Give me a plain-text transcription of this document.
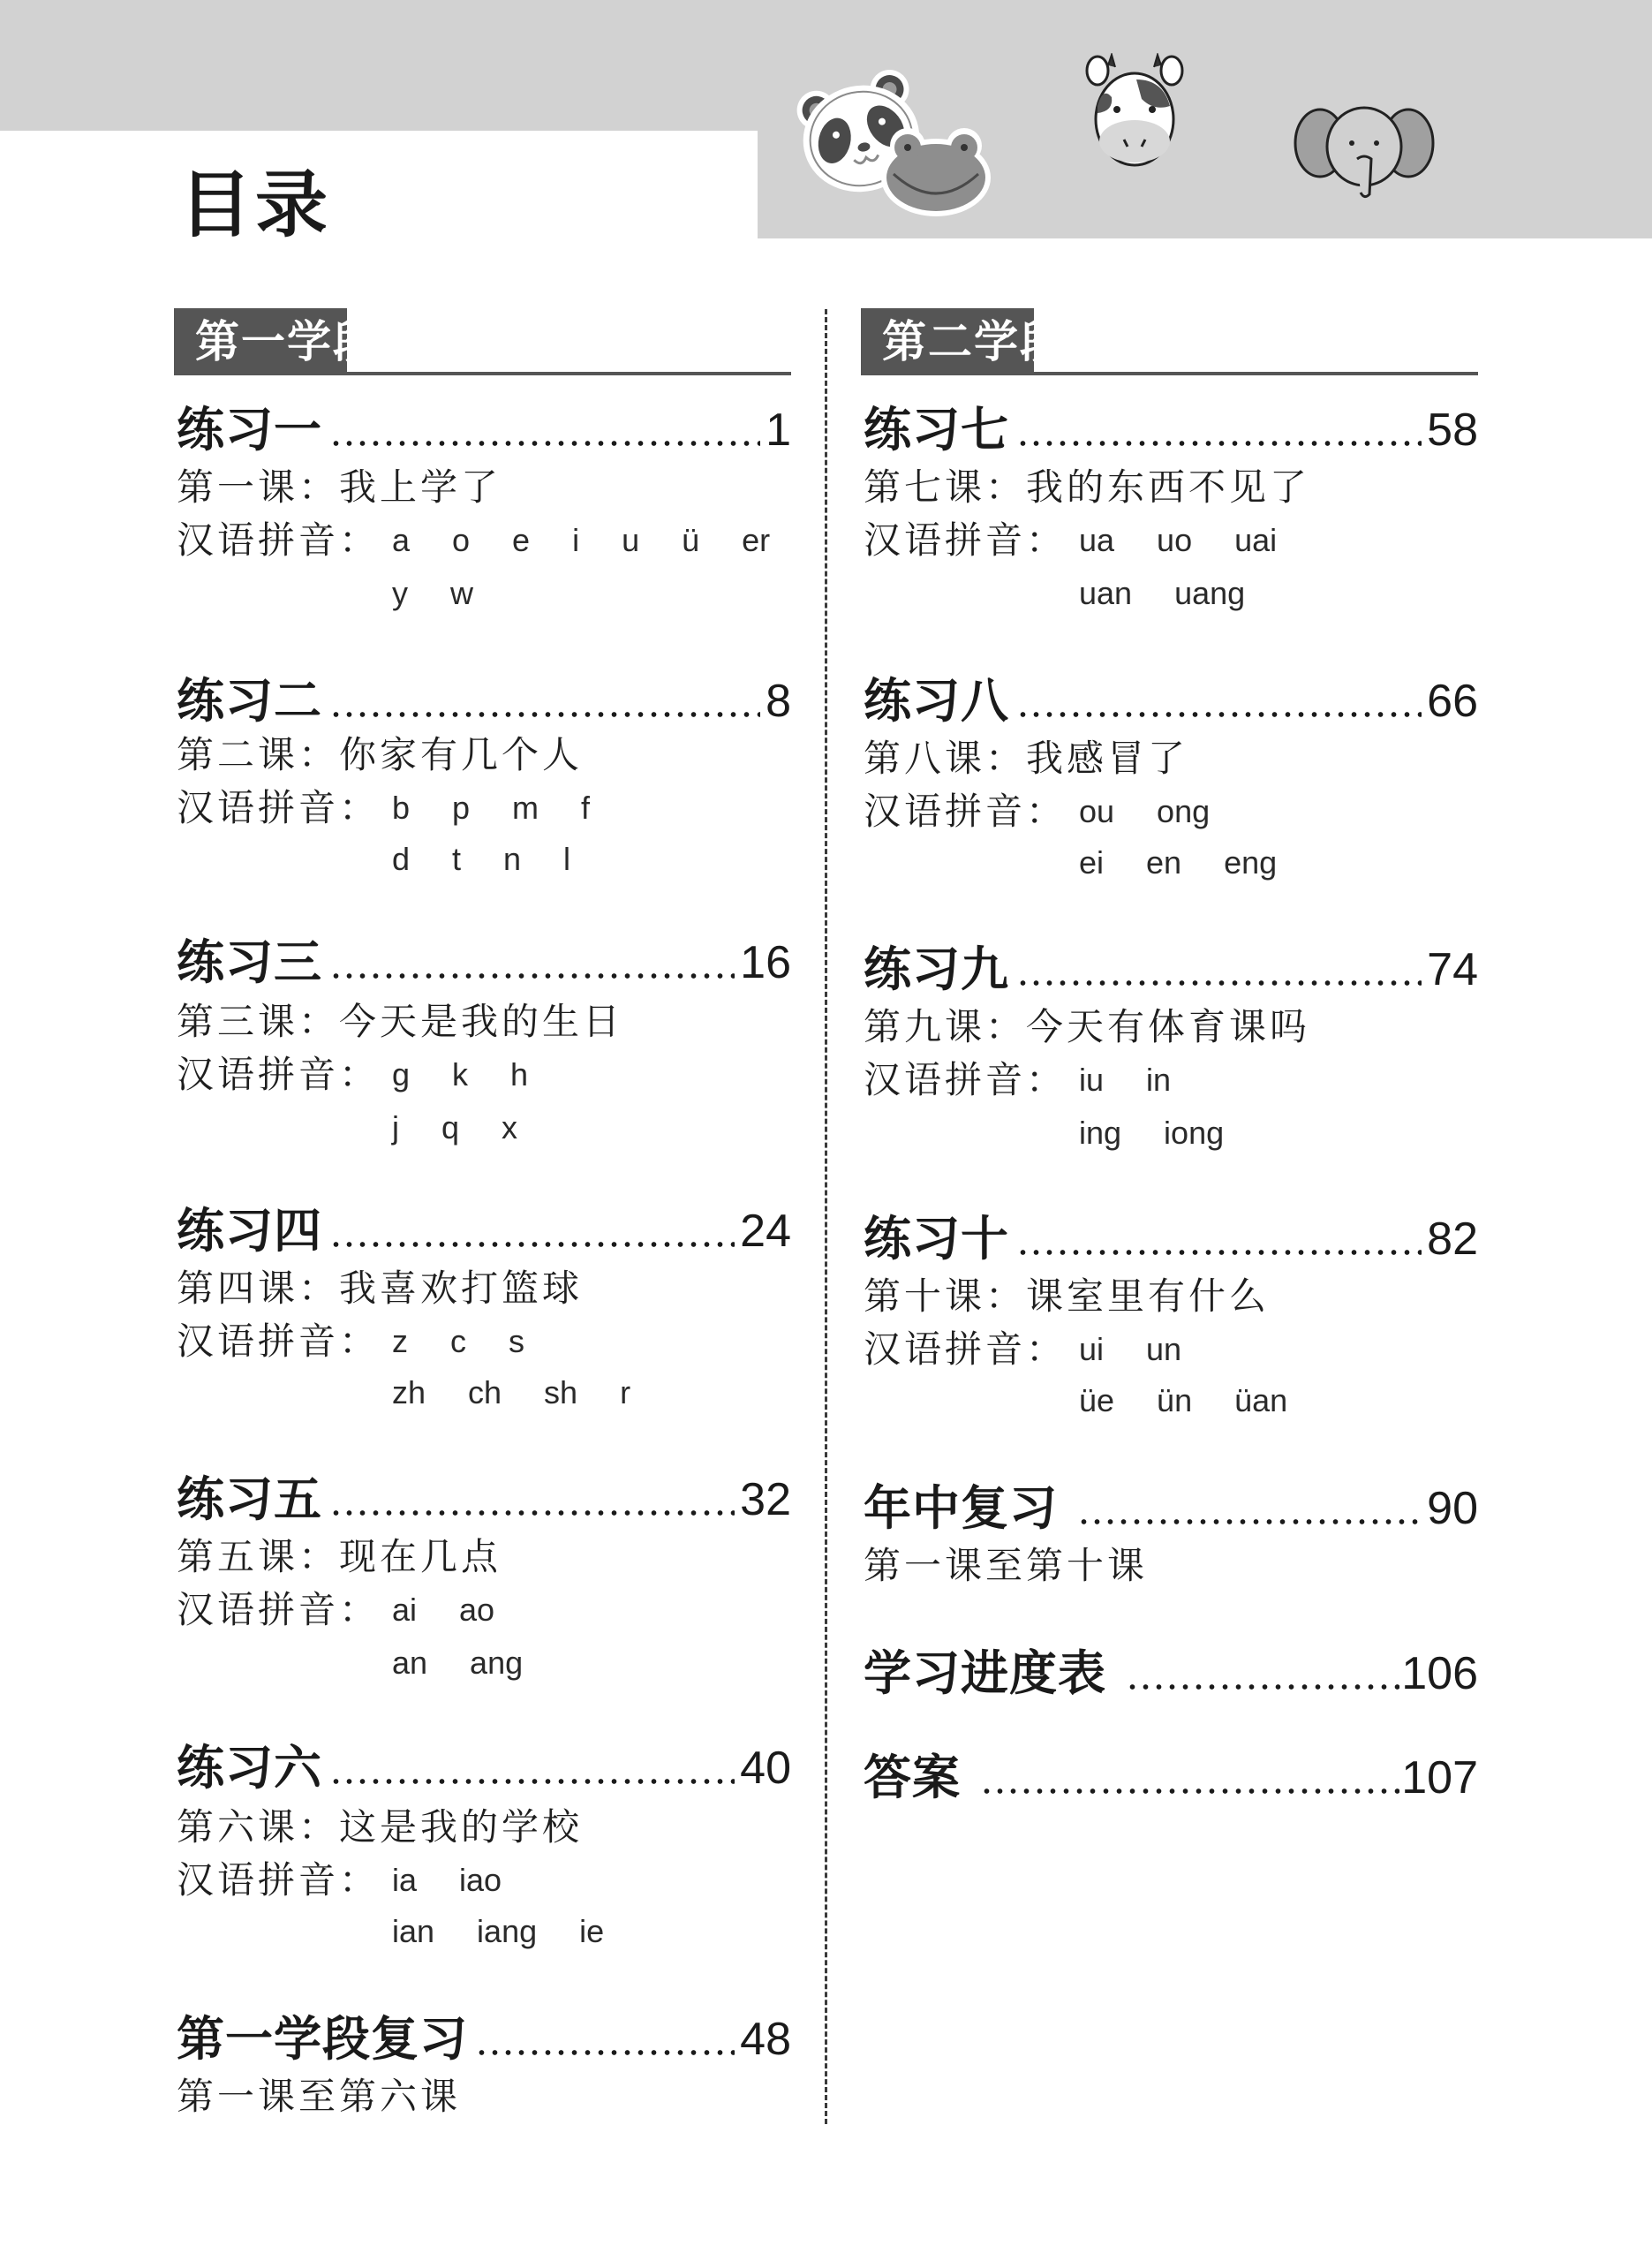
目录
第一学段
练习一	1
第一课：我上学了
汉语拼音： a  o  e  i  u  ü  er
y  w
练习二	8
第二课：你家有几个人
汉语拼音： b  p  m  f
d  t  n  l
练习三	16
第三课：今天是我的生日
汉语拼音： g  k  h
j  q  x
练习四	24
第四课：我喜欢打篮球
汉语拼音： z  c  s
zh  ch  sh  r
练习五	32
第五课：现在几点
汉语拼音： ai  ao
an  ang
练习六	40
第六课：这是我的学校
汉语拼音： ia  iao
ian  iang  ie
第一学段复习	48
第一课至第六课
第二学段
练习七	58
第七课：我的东西不见了
汉语拼音： ua  uo  uai
uan  uang
练习八	66
第八课：我感冒了
汉语拼音： ou  ong
ei  en  eng
练习九	74
第九课：今天有体育课吗
汉语拼音： iu  in
ing  iong
练习十	82
第十课：课室里有什么
汉语拼音： ui  un
üe  ün  üan
年中复习	90
第一课至第十课
学习进度表	106
答案	107
